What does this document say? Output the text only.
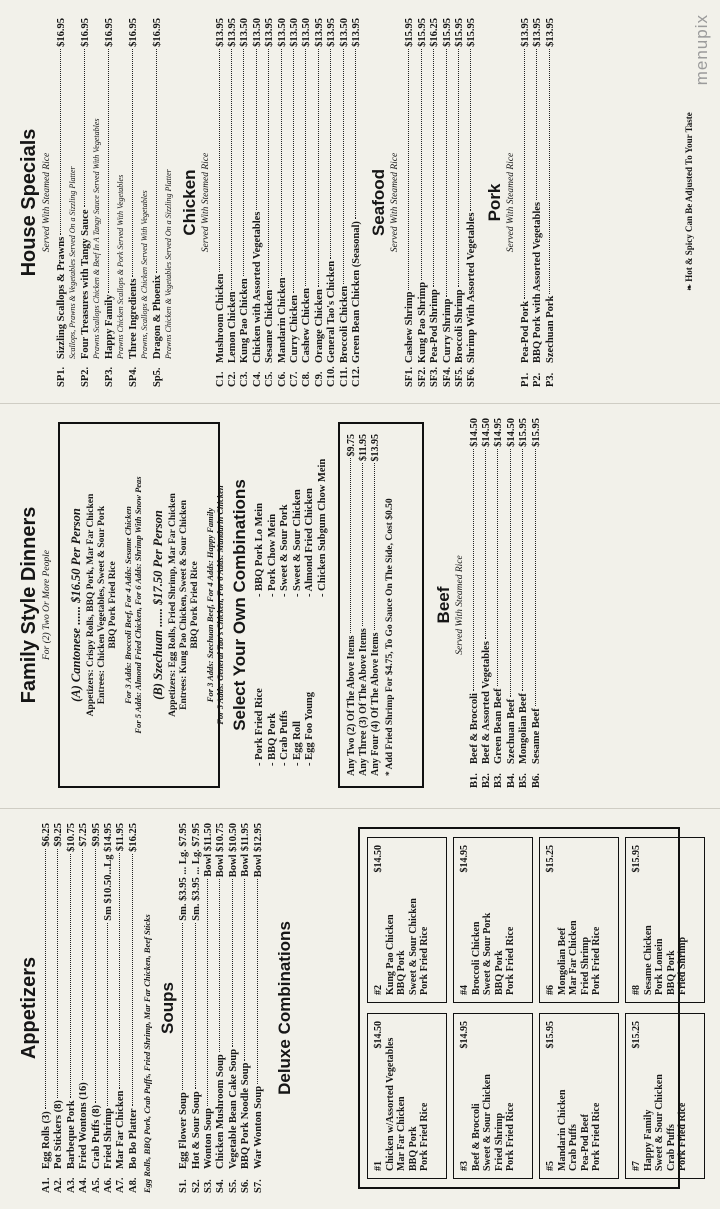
Appetizers
A1.
Egg Rolls (3)
$6.25
A2.
Pot Stickers (8)
$9.25
A3.
Barbeque Pork
$10.75
A4.
Fried Wontons (16)
$7.25
A5.
Crab Puffs (8)
$9.95
A6.
Fried Shrimp
Sm $10.50...Lg $14.95
A7.
Mar Far Chicken
$11.95
A8.
Bo Bo Platter
$16.25
Egg Rolls, BBQ Pork, Crab Puffs, Fried Shrimp, Mar Far Chicken, Beef Sticks Soups
S1.
Egg Flower Soup
Sm. $3.95 ... Lg. $7.95
S2.
Hot & Sour Soup
Sm. $3.95 ... Lg. $7.95
S3.
Wonton Soup
Bowl $11.50
S4.
Chicken Mushroom Soup
Bowl $10.75
S5.
Vegetable Bean Cake Soup
Bowl $10.50
S6.
BBQ Pork Noodle Soup
Bowl $11.95
S7.
War Wonton Soup
Bowl $12.95
Deluxe Combinations
#1
$14.50
Chicken w/Assorted Vegetables Mar Far Chicken BBQ Pork Pork Fried Rice
#2
$14.50
Kung Pao Chicken BBQ Pork Sweet & Sour Chicken Pork Fried Rice
#3
$14.95
Beef & Broccoli Sweet & Sour Chicken Fried Shrimp Pork Fried Rice
#4
$14.95
Broccoli Chicken Sweet & Sour Pork BBQ Pork Pork Fried Rice
#5
$15.95
Mandarin Chicken Crab Puffs Pea-Pod Beef Pork Fried Rice
#6
$15.25
Mongolian Beef Mar Far Chicken Fried Shrimp Pork Fried Rice
#7
$15.25
Happy Family Sweet & Sour Chicken Crab Puffs Pork Fried Rice
#8
$15.95
Sesame Chicken Pork Lomein BBQ Pork Fried Shrimp
Family Style Dinners For (2) Two Or More People (A) Cantonese ...... $16.50 Per Person Appetizers: Crispy Rolls, BBQ Pork, Mar Far Chicken Entrees: Chicken Vegetables, Sweet & Sour Pork BBQ Pork Fried Rice For 3 Adds: Broccoli Beef, For 4 Adds: Sesame Chicken For 5 Adds: Almond Fried Chicken, For 6 Adds: Shrimp With Snow Peas (B) Szechuan ...... $17.50 Per Person Appetizers: Egg Rolls, Fried Shrimp, Mar Far Chicken Entrees: Kung Pao Chicken, Sweet & Sour Chicken BBQ Pork Fried Rice For 3 Adds: Szechuan Beef, For 4 Adds: Happy Family For 5 Adds: General Tao's Chicken, For 6 Adds: Mandarin Chicken Select Your Own Combinations - Pork Fried Rice - BBQ Pork - Crab Puffs - Egg Roll - Egg Foo Young
- BBQ Pork Lo Mein - Pork Chow Mein - Sweet & Sour Pork - Sweet & Sour Chicken - Almond Fried Chicken - Chicken Subgum Chow Mein
Any Two (2) Of The Above Items
$9.75
Any Three (3) Of The Above Items
$11.95
Any Four (4) Of The Above Items
$13.95
* Add Fried Shrimp For $4.75, To Go Sauce On The Side, Cost $0.50 Beef Served With Steamed Rice
B1.
Beef & Broccoli
$14.50
B2.
Beef & Assorted Vegetables
$14.50
B3.
Green Bean Beef
$14.95
B4.
Szechuan Beef
$14.50
B5.
Mongolian Beef
$15.95
B6.
Sesame Beef
$15.95
House Specials Served With Steamed Rice
SP1.
Sizzling Scallops & Prawns
$16.95
Scallops, Prawns & Vegetables Served On a Sizzling Platter
SP2.
Four Treasures with Tangy Sauce
$16.95
Prawns Scallops Chicken & Beef In A Tangy Sauce Served With Vegetables
SP3.
Happy Family
$16.95
Prawns Chicken Scallops & Pork Served With Vegetables
SP4.
Three Ingredients
$16.95
Prawns, Scallops & Chicken Served With Vegetables
Sp5.
Dragon & Phoenix
$16.95
Prawns Chicken & Vegetables Served On a Sizzling Platter Chicken Served With Steamed Rice
C1.
Mushroom Chicken
$13.95
C2.
Lemon Chicken
$13.95
C3.
Kung Pao Chicken
$13.50
C4.
Chicken with Assorted Vegetables
$13.50
C5.
Sesame Chicken
$13.95
C6.
Mandarin Chicken
$13.50
C7.
Curry Chicken
$13.50
C8.
Cashew Chicken
$13.50
C9.
Orange Chicken
$13.95
C10.
General Tao's Chicken
$13.95
C11.
Broccoli Chicken
$13.50
C12.
Green Bean Chicken (Seasonal)
$13.95
Seafood Served With Steamed Rice
SF1.
Cashew Shrimp
$15.95
SF2.
Kung Pao Shrimp
$15.95
SF3.
Pea-Pod Shrimp
$16.25
SF4.
Curry Shrimp
$15.95
SF5.
Broccoli Shrimp
$15.95
SF6.
Shrimp With Assorted Vegetables
$15.95
Pork Served With Steamed Rice
P1.
Pea-Pod Pork
$13.95
P2.
BBQ Pork with Assorted Vegetables
$13.95
P3.
Szechuan Pork
$13.95
❧ Hot & Spicy Can Be Adjusted To Your Taste
menupix
